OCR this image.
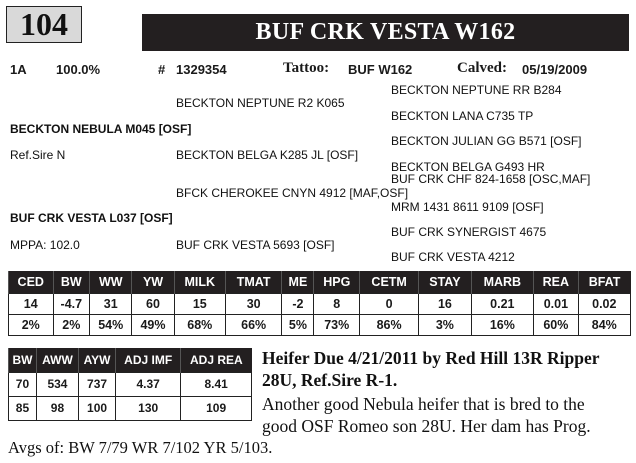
104	BUF CRK VESTA W162
1A 100.0%	# 1329354	Tattoo: BUF W162	Calved: 05/19/2009
BECKTON NEPTUNE RR B284
BECKTON NEPTUNE R2 K065
BECKTON LANA C735 TP
BECKTON NEBULA M045 [OSF]
BECKTON JULIAN GG B571 [OSF]
Ref.Sire N	BECKTON BELGA K285 JL [OSF]
BECKTON BELGA G493 HR
BUF CRK CHF 824-1658 [OSC,MAF]
BFCK CHEROKEE CNYN 4912 [MAF,OSF]
MRM 1431 8611 9109 [OSF]
BUF CRK VESTA L037 [OSF]
BUF CRK SYNERGIST 4675
MPPA: 102.0	BUF CRK VESTA 5693 [OSF]
BUF CRK VESTA 4212
CED	BW	WW	YW	MILK	TMAT	ME	HPG	CETM	STAY	MARB	REA	BFAT
14	-4.7	31	60	15	30	-2	8	0	16	0.21	0.01	0.02
2%	2%	54%	49%	68%	66%	5%	73%	86%	3%	16%	60%	84%
BW	AWW	AYW	ADJ IMF	ADJ REA
70	534	737	4.37	8.41
85	98	100	130	109
Heifer Due 4/21/2011 by Red Hill 13R Ripper
28U, Ref.Sire R-1.
Another good Nebula heifer that is bred to the
good OSF Romeo son 28U. Her dam has Prog.
Avgs of: BW 7/79 WR 7/102 YR 5/103.
